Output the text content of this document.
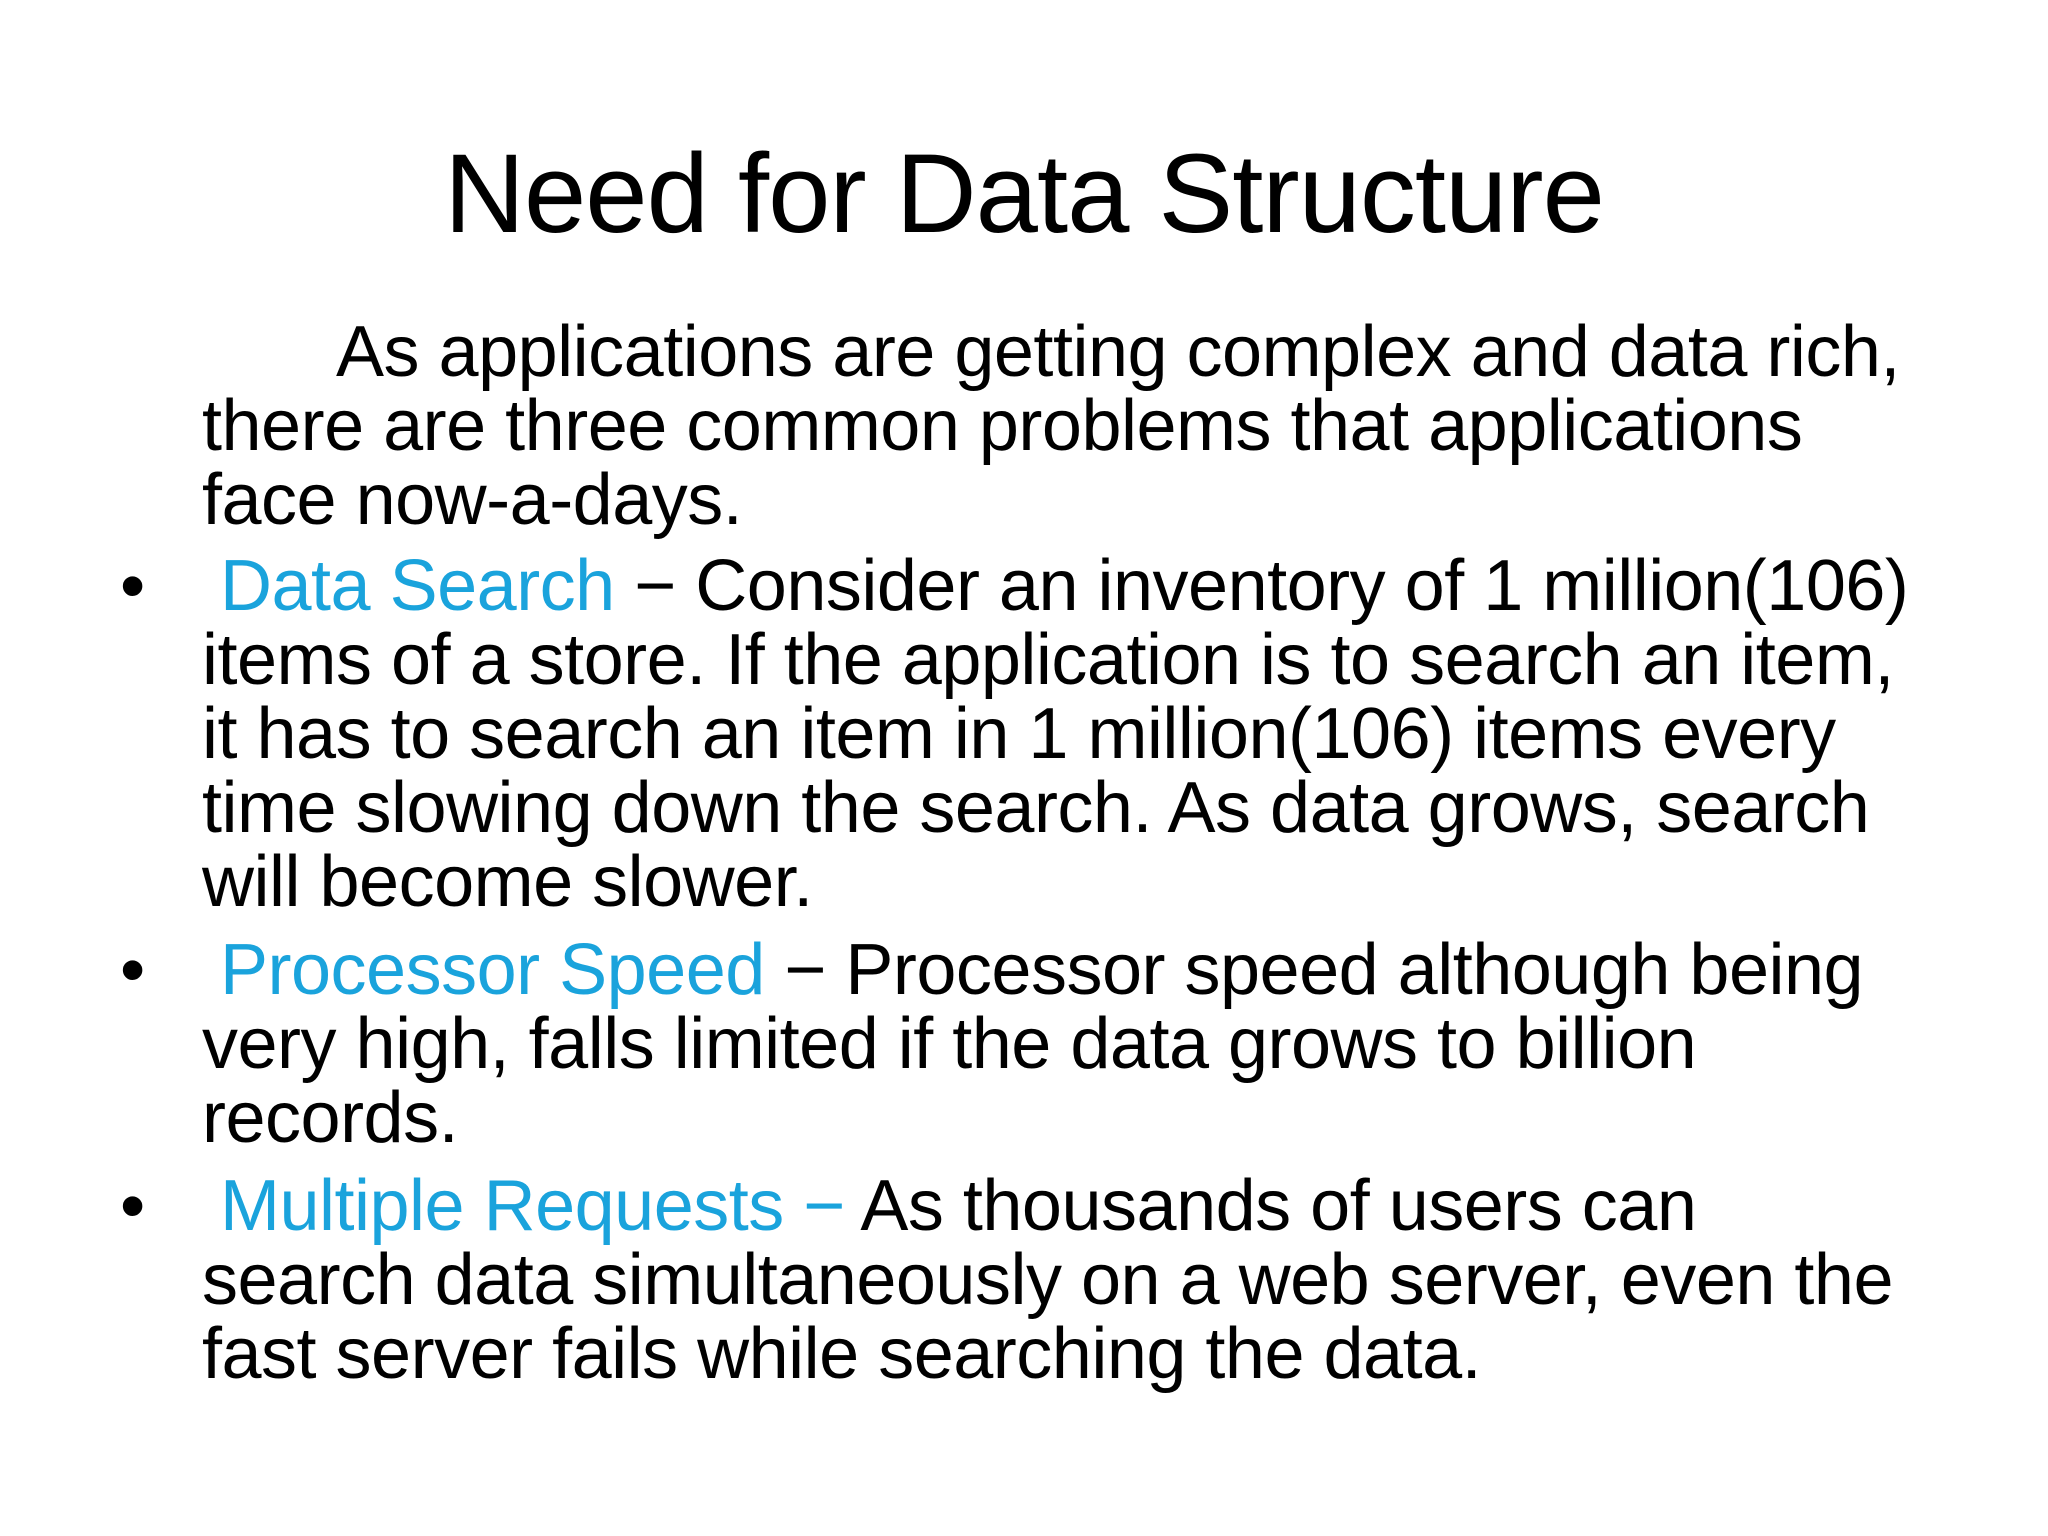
Need for Data Structure

As applications are getting complex and data rich, there are three common problems that applications face now-a-days.

• Data Search − Consider an inventory of 1 million(106) items of a store. If the application is to search an item, it has to search an item in 1 million(106) items every time slowing down the search. As data grows, search will become slower.

• Processor Speed − Processor speed although being very high, falls limited if the data grows to billion records.

• Multiple Requests − As thousands of users can search data simultaneously on a web server, even the fast server fails while searching the data.
